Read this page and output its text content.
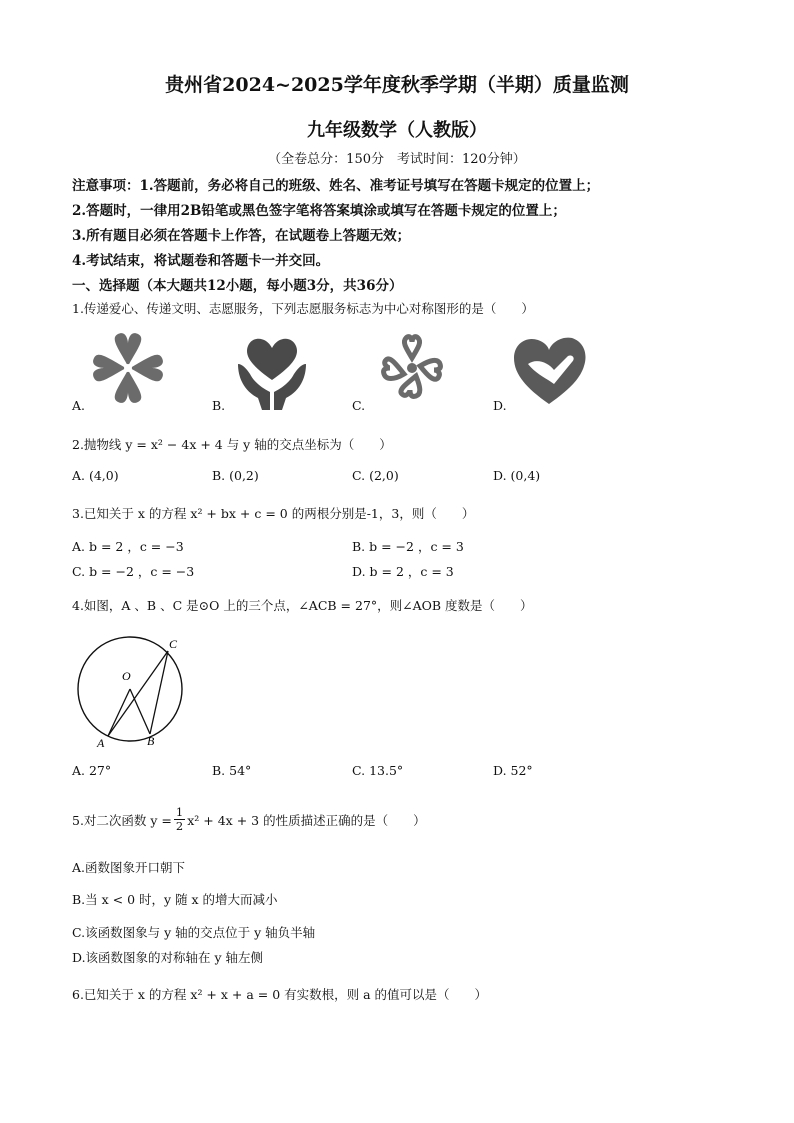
贵州省2024~2025学年度秋季学期（半期）质量监测
九年级数学（人教版）
（全卷总分：150分　考试时间：120分钟）
注意事项：1.答题前，务必将自己的班级、姓名、准考证号填写在答题卡规定的位置上；
2.答题时，一律用2B铅笔或黑色签字笔将答案填涂或填写在答题卡规定的位置上；
3.所有题目必须在答题卡上作答，在试题卷上答题无效；
4.考试结束，将试题卷和答题卡一并交回。
一、选择题（本大题共12小题，每小题3分，共36分）
1.传递爱心、传递文明、志愿服务，下列志愿服务标志为中心对称图形的是（　　）
A.	B.	C.	D.
2.抛物线 y = x² − 4x + 4 与 y 轴的交点坐标为（　　）
A. (4,0)	B. (0,2)	C. (2,0)	D. (0,4)
3.已知关于 x 的方程 x² + bx + c = 0 的两根分别是-1，3，则（　　）
A. b = 2 ，c = −3	B. b = −2 ，c = 3
C. b = −2 ，c = −3	D. b = 2 ，c = 3
4.如图，A 、B 、C 是⊙O 上的三个点，∠ACB = 27°，则∠AOB 度数是（　　）
C
O
A	B
A. 27°	B. 54°	C. 13.5°	D. 52°
5.对二次函数 $y = \frac{1}{2} x^2 + 4x + 3$ 的性质描述正确的是（　　）
A.函数图象开口朝下
B.当 x < 0 时，y 随 x 的增大而减小
C.该函数图象与 y 轴的交点位于 y 轴负半轴
D.该函数图象的对称轴在 y 轴左侧
6.已知关于 x 的方程 x² + x + a = 0 有实数根，则 a 的值可以是（　　）
